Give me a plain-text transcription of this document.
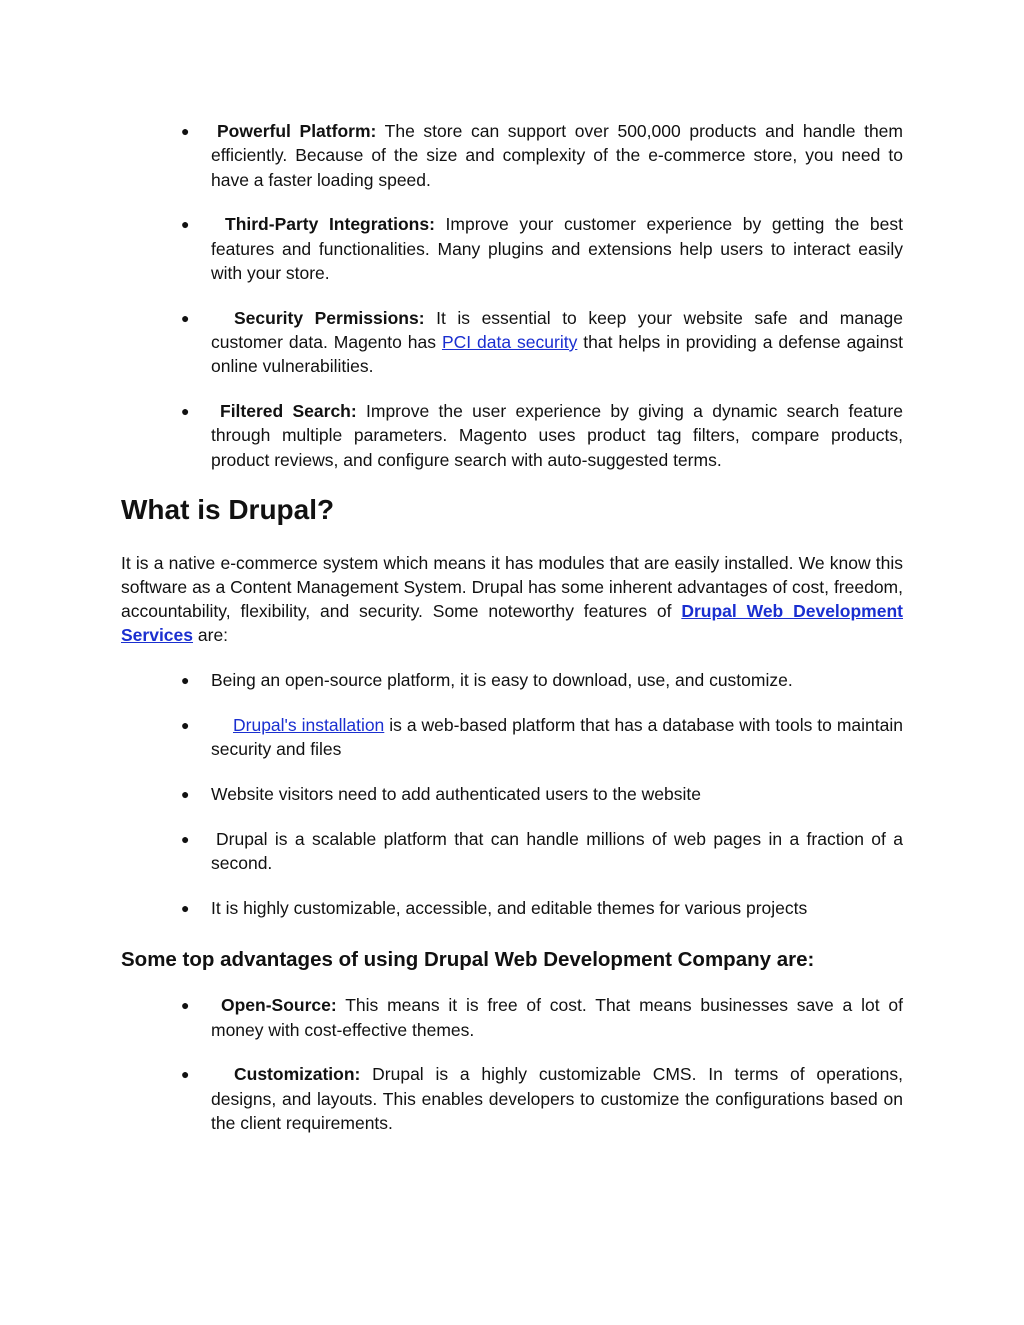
● Powerful Platform: The store can support over 500,000 products and handle them efficiently. Because of the size and complexity of the e-commerce store, you need to have a faster loading speed.
● Third-Party Integrations: Improve your customer experience by getting the best features and functionalities. Many plugins and extensions help users to interact easily with your store.
●	Security Permissions: It is essential to keep your website safe and manage customer data. Magento has PCI data security that helps in providing a defense against online vulnerabilities.
● Filtered Search: Improve the user experience by giving a dynamic search feature through multiple parameters. Magento uses product tag filters, compare products, product reviews, and configure search with auto-suggested terms.
What is Drupal?

It is a native e-commerce system which means it has modules that are easily installed. We know this software as a Content Management System. Drupal has some inherent advantages of cost, freedom, accountability, flexibility, and security. Some noteworthy features of Drupal Web Development Services are:

● Being an open-source platform, it is easy to download, use, and customize.
● Drupal's installation is a web-based platform that has a database with tools to maintain security and files
● Website visitors need to add authenticated users to the website
● Drupal is a scalable platform that can handle millions of web pages in a fraction of a second.
● It is highly customizable, accessible, and editable themes for various projects
Some top advantages of using Drupal Web Development Company are:
● Open-Source: This means it is free of cost. That means businesses save a lot of money with cost-effective themes.
●	Customization: Drupal is a highly customizable CMS. In terms of operations, designs, and layouts. This enables developers to customize the configurations based on the client requirements.
